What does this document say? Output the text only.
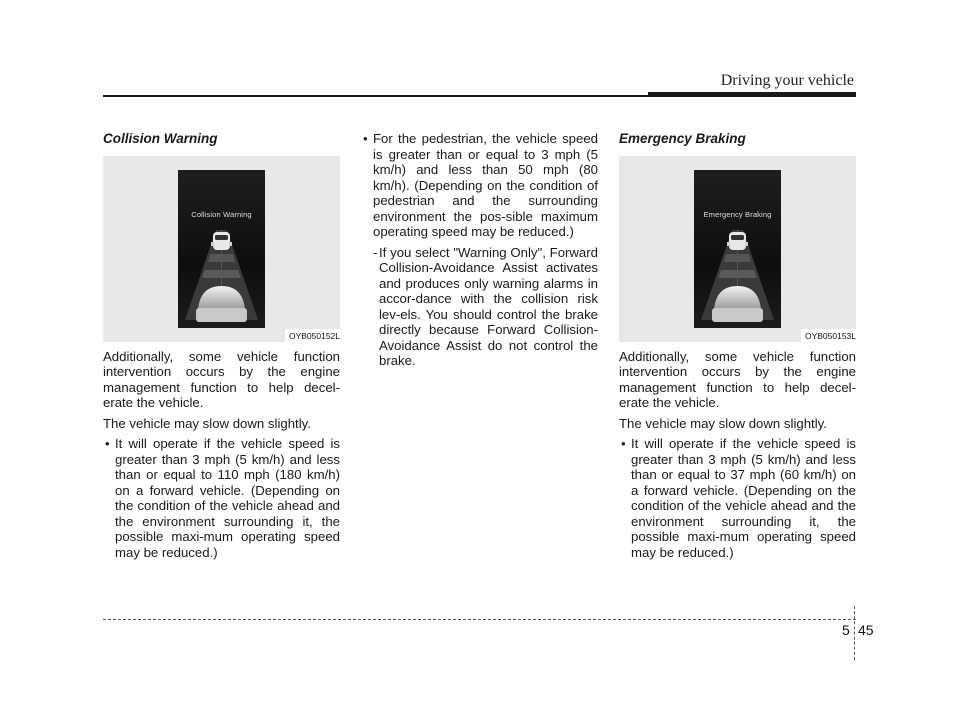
Driving your vehicle
Collision Warning
Collision Warning
OYB050152L

Additionally, some vehicle function intervention occurs by the engine management function to help decel-erate the vehicle.

The vehicle may slow down slightly.

• It will operate if the vehicle speed is greater than 3 mph (5 km/h) and less than or equal to 110 mph (180 km/h) on a forward vehicle. (Depending on the condition of the vehicle ahead and the environment surrounding it, the possible maxi-mum operating speed may be reduced.)
• For the pedestrian, the vehicle speed is greater than or equal to 3 mph (5 km/h) and less than 50 mph (80 km/h). (Depending on the condition of pedestrian and the surrounding environment the pos-sible maximum operating speed may be reduced.)
- If you select "Warning Only", Forward Collision-Avoidance Assist activates and produces only warning alarms in accor-dance with the collision risk lev-els. You should control the brake directly because Forward Collision-Avoidance Assist do not control the brake.
Emergency Braking
Emergency Braking
OYB050153L

Additionally, some vehicle function intervention occurs by the engine management function to help decel-erate the vehicle.

The vehicle may slow down slightly.

• It will operate if the vehicle speed is greater than 3 mph (5 km/h) and less than or equal to 37 mph (60 km/h) on a forward vehicle. (Depending on the condition of the vehicle ahead and the environment surrounding it, the possible maxi-mum operating speed may be reduced.)
5 45
